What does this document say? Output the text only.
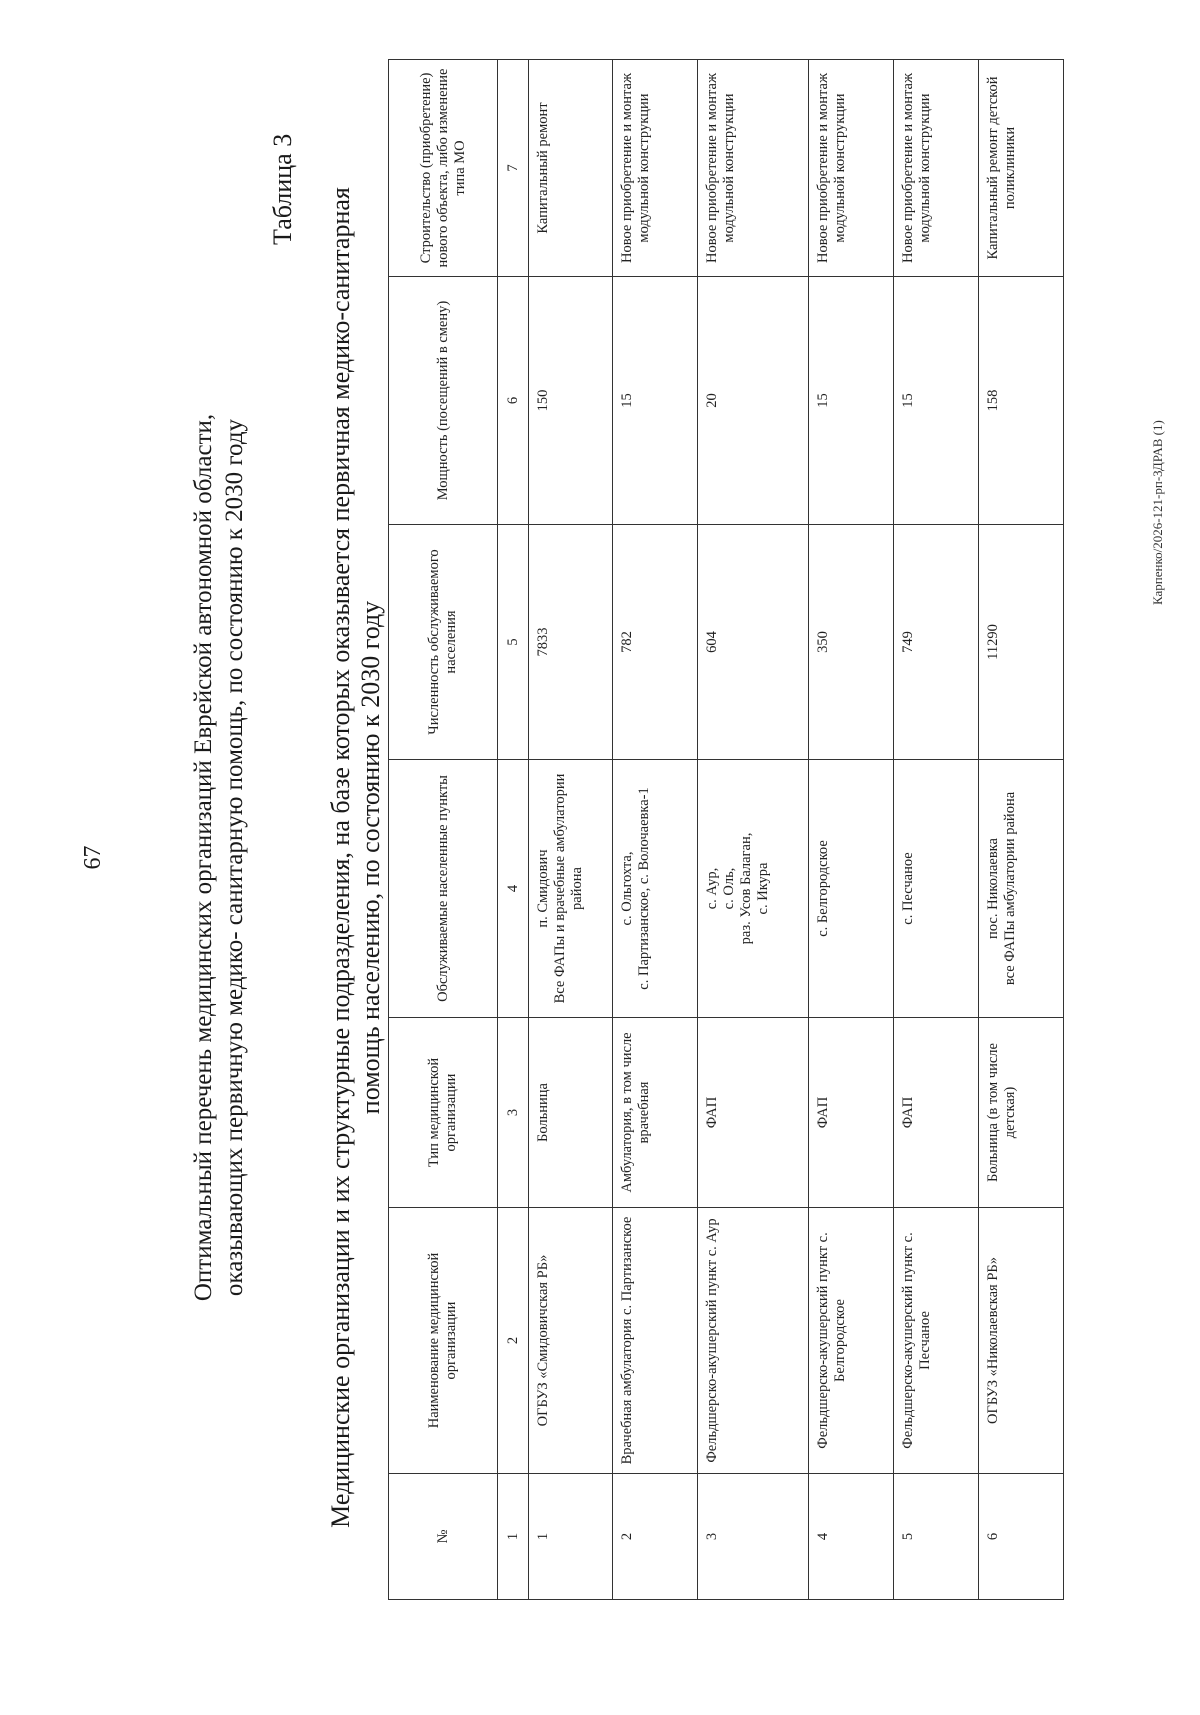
67
Таблица 3
Оптимальный перечень медицинских организаций Еврейской автономной области, оказывающих первичную медико- санитарную помощь, по состоянию к 2030 году	Медицинские организации и их структурные подразделения, на базе которых оказывается первичная медико-санитарная помощь населению, по состоянию к 2030 году
№	Наименование медицинской организации	Тип медицинской организации	Обслуживаемые населенные пункты	Численность обслуживаемого населения	Мощность (посещений в смену)	Строительство (приобретение) нового объекта, либо изменение типа МО
1	2	3	4	5	6	7
1	ОГБУЗ «Смидовичская РБ»	Больница	п. Смидович
Все ФАПы и врачебные амбулатории района	7833	150	Капитальный ремонт
2	Врачебная амбулатория с. Партизанское	Амбулатория, в том числе врачебная	с. Ольгохта,
с. Партизанское, с. Волочаевка-1	782	15	Новое приобретение и монтаж модульной конструкции
3	Фельдшерско-акушерский пункт с. Аур	ФАП	с. Аур,
с. Оль,
раз. Усов Балаган,
с. Икура	604	20	Новое приобретение и монтаж модульной конструкции
4	Фельдшерско-акушерский пункт с. Белгородское	ФАП	с. Белгородское	350	15	Новое приобретение и монтаж модульной конструкции
5	Фельдшерско-акушерский пункт с. Песчаное	ФАП	с. Песчаное	749	15	Новое приобретение и монтаж модульной конструкции
6	ОГБУЗ «Николаевская РБ»	Больница (в том числе детская)	пос. Николаевка
все ФАПы амбулатории района	11290	158	Капитальный ремонт детской поликлиники
Карпенко/2026-121-рп-ЗДРАВ (1)
